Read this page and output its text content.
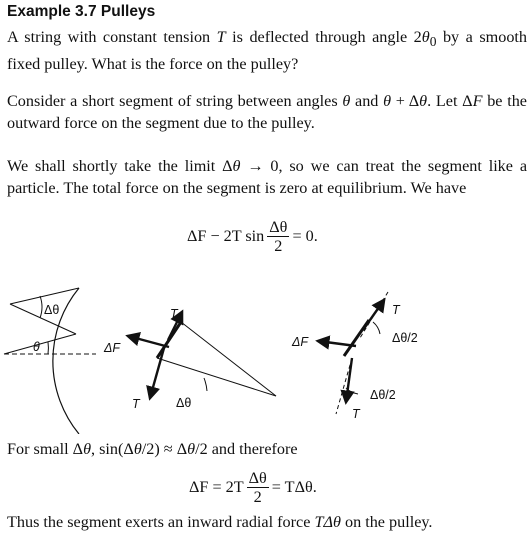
Example 3.7 Pulleys

A string with constant tension T is deflected through angle $2\theta_0$ by a smooth fixed pulley. What is the force on the pulley?

Consider a short segment of string between angles θ and θ + Δθ. Let ΔF be the outward force on the segment due to the pulley.

We shall shortly take the limit Δθ → 0, so we can treat the segment like a particle. The total force on the segment is zero at equilibrium. We have

ΔF − 2T $\sin \frac{\Delta\theta}{2} = 0$.
Δθ
θ	ΔF
T
T	Δθ
ΔF
T
Δθ/2
Δθ/2
T

For small Δθ, sin(Δθ/2) ≈ Δθ/2 and therefore

$\Delta F = 2T \frac{\Delta\theta}{2} = T\Delta\theta$.

Thus the segment exerts an inward radial force TΔθ on the pulley.
